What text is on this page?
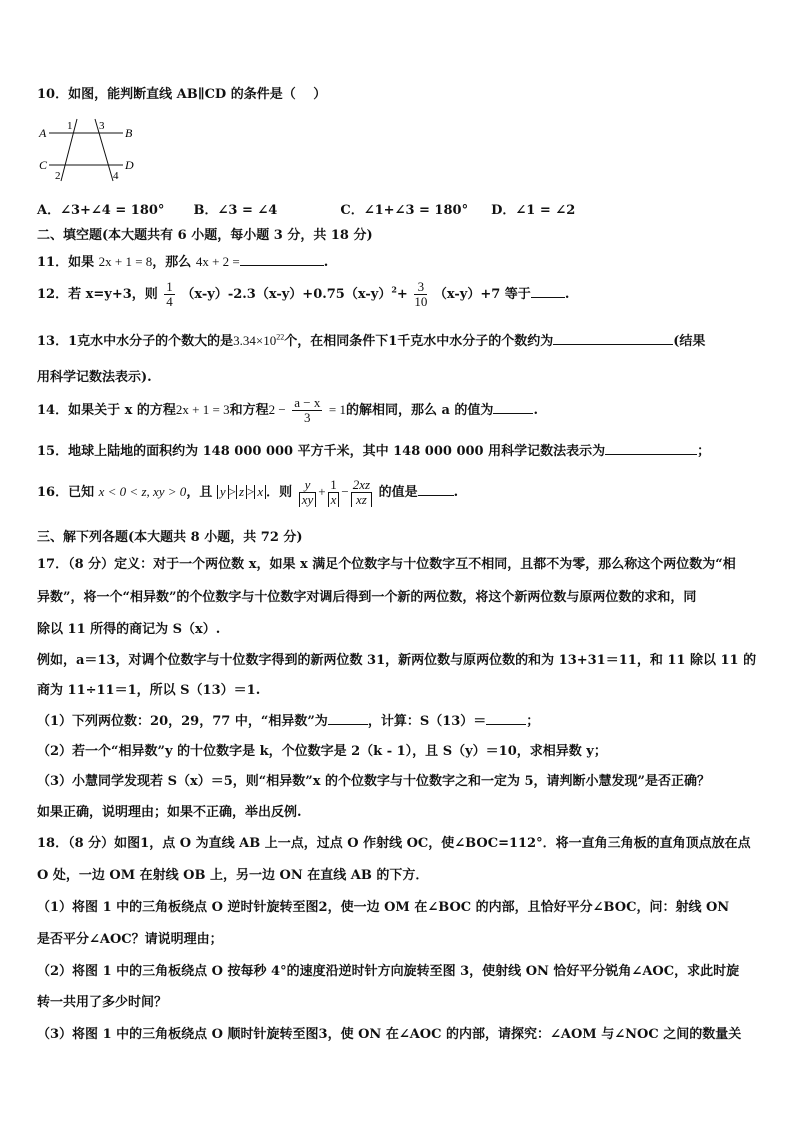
10．如图，能判断直线 AB∥CD 的条件是（　 ）
A	B
C	D
1 3
2	4
A．∠3+∠4 = 180° B．∠3 = ∠4	C．∠1+∠3 = 180° D．∠1 = ∠2
二、填空题(本大题共有 6 小题，每小题 3 分，共 18 分)
11．如果 2x + 1 = 8，那么 4x + 2 =	.
12．若 x=y+3，则 $\frac{1}{4} (x-y)-2.3(x-y)+0.75(x-y)^2+ \frac{3}{10} (x-y)+7$ 等于	.
13．1克水中水分子的个数大的是$3.34\times 10^{22}$个，在相同条件下1千克水中水分子的个数约为	(结果
用科学记数法表示).
14．如果关于 x 的方程2x + 1 = 3和方程$2 - \frac{a - x}{3} = 1$的解相同，那么 a 的值为	.
15．地球上陆地的面积约为 148 000 000 平方千米，其中 148 000 000 用科学记数法表示为	；
16．已知 x < 0 < z, xy > 0，且 y > z > x ．则 $\frac{y}{xy} + \frac{1}{x} - \frac{2xz}{xz}$ 的值是	.
三、解下列各题(本大题共 8 小题，共 72 分)
17．（8 分）定义：对于一个两位数 x，如果 x 满足个位数字与十位数字互不相同，且都不为零，那么称这个两位数为“相
异数”，将一个“相异数”的个位数字与十位数字对调后得到一个新的两位数，将这个新两位数与原两位数的求和，同
除以 11 所得的商记为 S（x）.
例如，a＝13，对调个位数字与十位数字得到的新两位数 31，新两位数与原两位数的和为 13+31＝11，和 11 除以 11 的
商为 11÷11＝1，所以 S（13）＝1.
（1）下列两位数：20，29，77 中，“相异数”为	，计算：S（13）＝	；
（2）若一个“相异数”y 的十位数字是 k，个位数字是 2（k - 1），且 S（y）＝10，求相异数 y；
（3）小慧同学发现若 S（x）＝5，则“相异数”x 的个位数字与十位数字之和一定为 5，请判断小慧发现”是否正确？
如果正确，说明理由；如果不正确，举出反例.
18．（8 分）如图1，点 O 为直线 AB 上一点，过点 O 作射线 OC，使∠BOC=112°．将一直角三角板的直角顶点放在点
O 处，一边 OM 在射线 OB 上，另一边 ON 在直线 AB 的下方．
（1）将图 1 中的三角板绕点 O 逆时针旋转至图2，使一边 OM 在∠BOC 的内部，且恰好平分∠BOC，问：射线 ON
是否平分∠AOC？请说明理由；
（2）将图 1 中的三角板绕点 O 按每秒 4°的速度沿逆时针方向旋转至图 3，使射线 ON 恰好平分锐角∠AOC，求此时旋
转一共用了多少时间？
（3）将图 1 中的三角板绕点 O 顺时针旋转至图3，使 ON 在∠AOC 的内部，请探究：∠AOM 与∠NOC 之间的数量关
